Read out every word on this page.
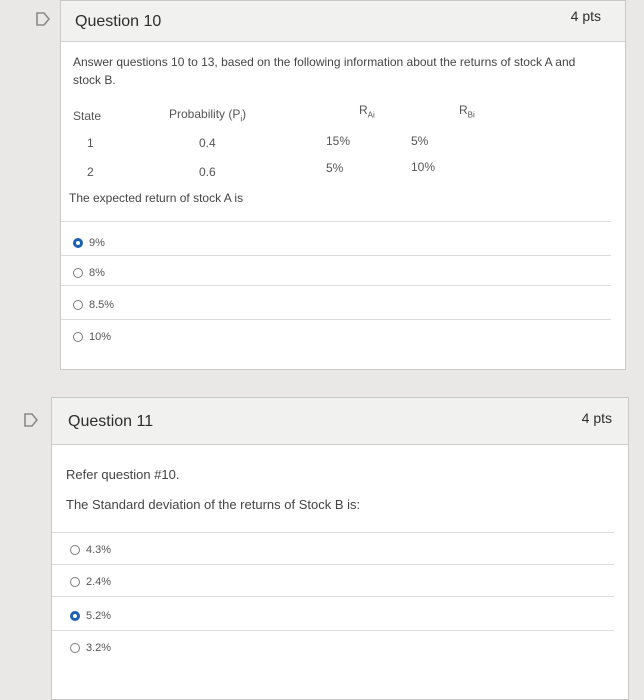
Question 10	4 pts
Answer questions 10 to 13, based on the following information about the returns of stock A and stock B.
State	Probability $(P_i)$	$R_{Ai}$	$R_{Bi}$
1	0.4	15%	5%
2	0.6	5%	10%
The expected return of stock A is
9%
8%
8.5%
10%
Question 11	4 pts
Refer question #10.
The Standard deviation of the returns of Stock B is:
4.3%
2.4%
5.2%
3.2%
